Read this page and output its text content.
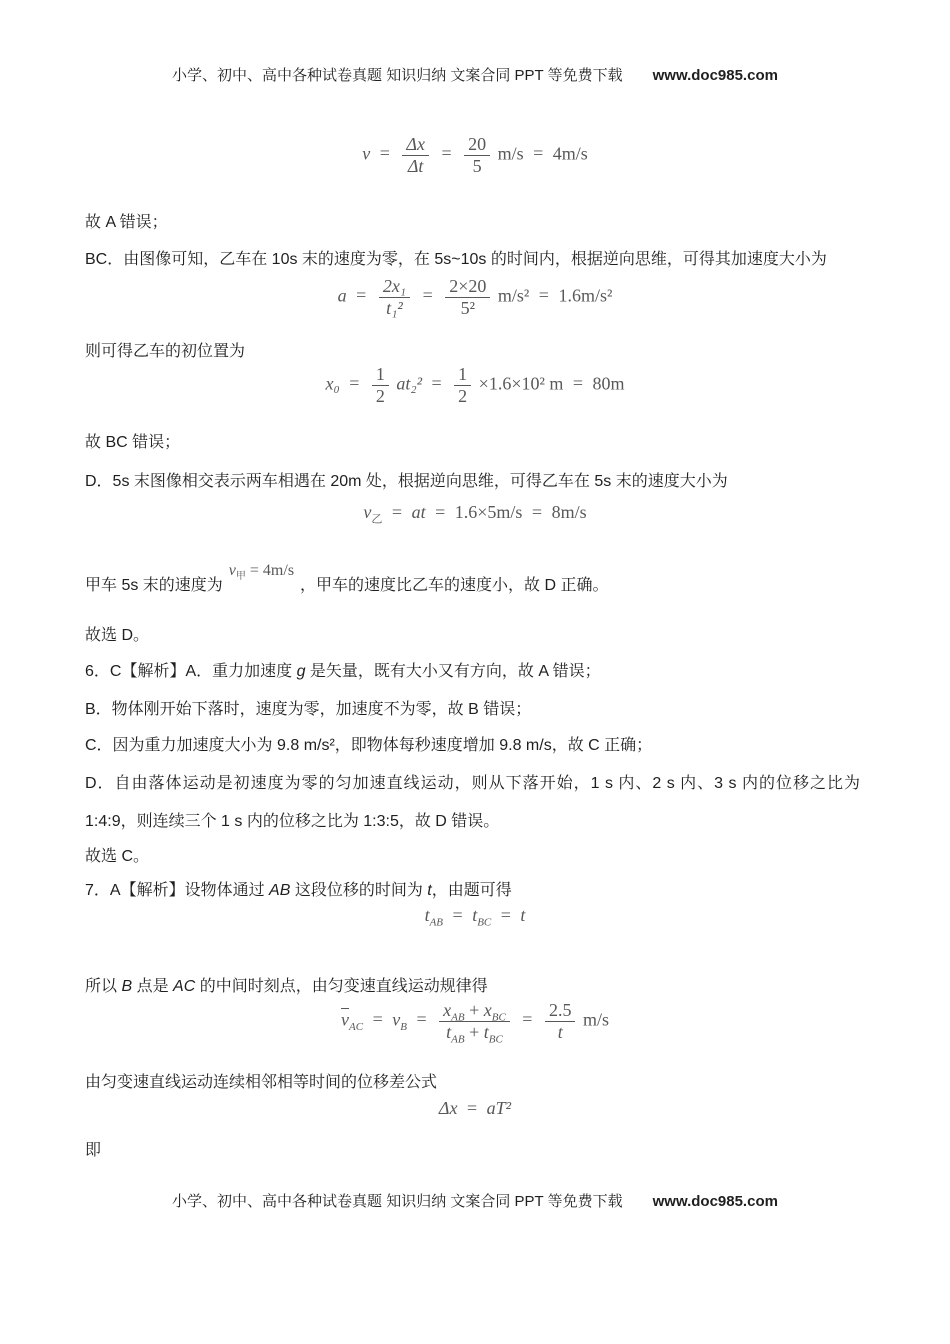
小学、初中、高中各种试卷真题 知识归纳 文案合同 PPT 等免费下载 www.doc985.com
$v = \frac{\Delta x}{\Delta t} = \frac{20}{5} m/s = 4m/s$
故 A 错误；
BC．由图像可知，乙车在 10s 末的速度为零，在 5s~10s 的时间内，根据逆向思维，可得其加速度大小为
$a = \frac{\text{2x₁}}{\text{t₁²}} = \frac{2\times 20}{\text{5²}} m/s^2 = 1.6m/s^2$
则可得乙车的初位置为
$x_0 = \frac{1}{2} at_2^2 = \frac{1}{2} \times 1.6\times 10^2$ m = 80m
故 BC 错误；
D．5s 末图像相交表示两车相遇在 20m 处，根据逆向思维，可得乙车在 5s 末的速度大小为
$v_乙$ = at = 1.6×5m/s = 8m/s
甲车 5s 末的速度为$v_甲 = 4m/s$，甲车的速度比乙车的速度小，故 D 正确。
故选 D。
6．C【解析】A．重力加速度 g 是矢量，既有大小又有方向，故 A 错误；
B．物体刚开始下落时，速度为零，加速度不为零，故 B 错误；
C．因为重力加速度大小为 9.8 m/s²，即物体每秒速度增加 9.8 m/s，故 C 正确；
D．自由落体运动是初速度为零的匀加速直线运动，则从下落开始，1 s 内、2 s 内、3 s 内的位移之比为 1:4:9，则连续三个 1 s 内的位移之比为 1:3:5，故 D 错误。
故选 C。
7．A【解析】设物体通过 AB 这段位移的时间为 t，由题可得
$t_{AB} = t_{BC} = t$
所以 B 点是 AC 的中间时刻点，由匀变速直线运动规律得
$\overline{v}_{AC} = v_B = \frac{x_{AB} + x_{BC}}{t_{AB} + t_{BC}} = \frac{2.5}{t} m/s$
由匀变速直线运动连续相邻相等时间的位移差公式
Δx = aT²
即
小学、初中、高中各种试卷真题 知识归纳 文案合同 PPT 等免费下载 www.doc985.com
